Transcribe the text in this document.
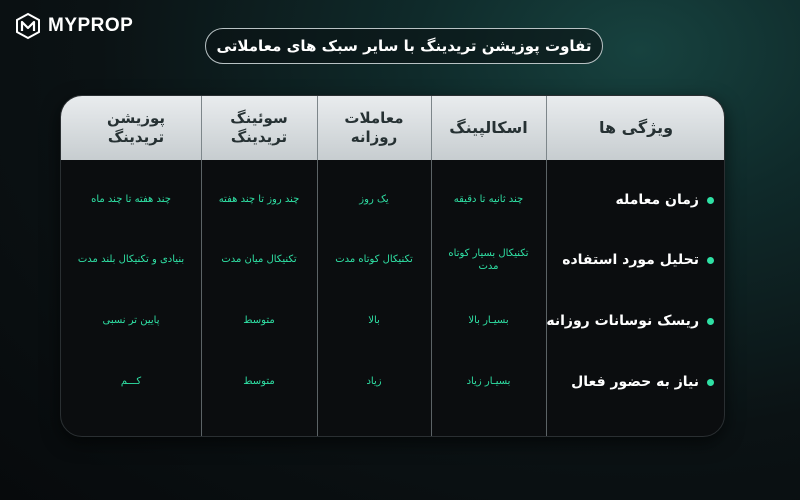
MYPROP
تفاوت پوزیشن تریدینگ با سایر سبک های معاملاتی
ویژگی ها
اسکالپینگ
معاملات روزانه
سوئینگ تریدینگ
پوزیشن تریدینگ
زمان معامله
چند ثانیه تا دقیقه
یک روز
چند روز تا چند هفته
چند هفته تا چند ماه
تحلیل مورد استفاده
تکنیکال بسیار کوتاه مدت
تکنیکال کوتاه مدت
تکنیکال میان مدت
بنیادی و تکنیکال بلند مدت
ریسک نوسانات روزانه
بسیـار بالا
بالا
متوسط
پایین تر نسبی
نیاز به حضور فعال
بسیـار زیاد
زیاد
متوسط
کـــم
